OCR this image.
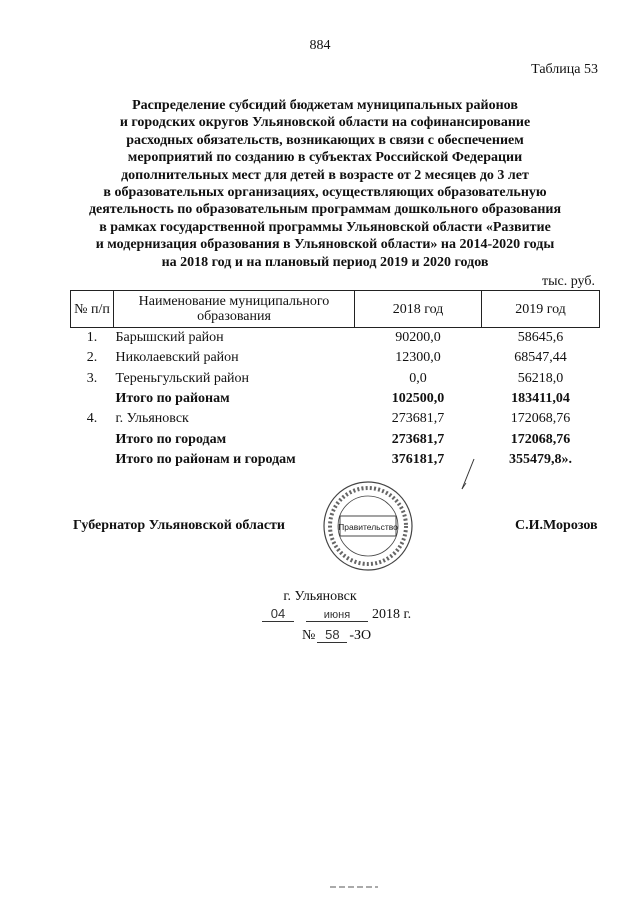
884
Таблица 53
Распределение субсидий бюджетам муниципальных районов
и городских округов Ульяновской области на софинансирование
расходных обязательств, возникающих в связи с обеспечением
мероприятий по созданию в субъектах Российской Федерации
дополнительных мест для детей в возрасте от 2 месяцев до 3 лет
в образовательных организациях, осуществляющих образовательную
деятельность по образовательным программам дошкольного образования
в рамках государственной программы Ульяновской области «Развитие
и модернизация образования в Ульяновской области» на 2014-2020 годы
на 2018 год и на плановый период 2019 и 2020 годов
тыс. руб.
№ п/п	Наименование муниципального образования	2018 год	2019 год
1.	Барышский район	90200,0	58645,6
2.	Николаевский район	12300,0	68547,44
3.	Тереньгульский район	0,0	56218,0
	Итого по районам	102500,0	183411,04
4.	г. Ульяновск	273681,7	172068,76
	Итого по городам	273681,7	172068,76
	Итого по районам и городам	376181,7	355479,8».
Губернатор Ульяновской области	Правительство	С.И.Морозов
г. Ульяновск
04	июня 2018 г.
№ 58 -ЗО
